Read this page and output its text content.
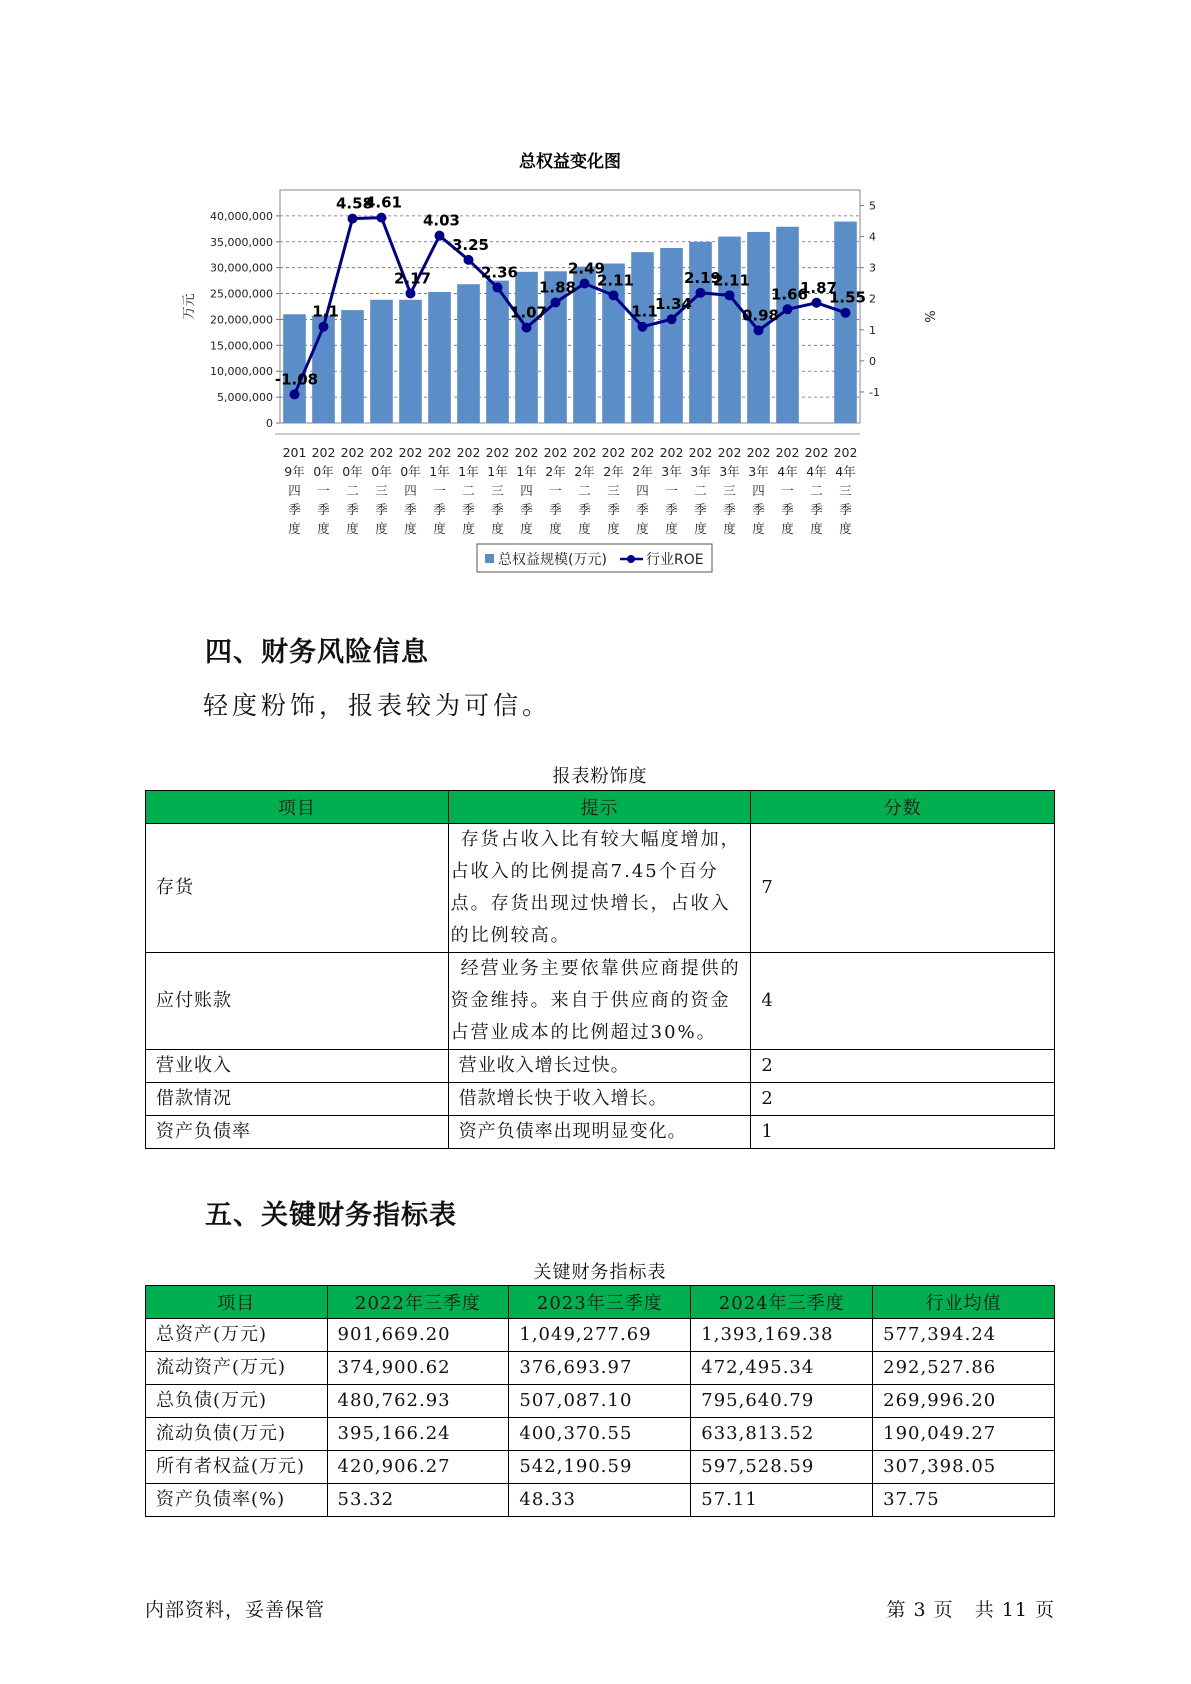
总权益变化图
0
5,000,000
10,000,000
15,000,000
20,000,000
25,000,000
30,000,000
35,000,000
40,000,000
-1
0
1
2
3
4
5
万元	%
201 9年四季度
202 0年一季度
202 0年二季度
202 0年三季度
202 0年四季度
202 1年一季度
202 1年二季度
202 1年三季度
202 1年四季度
202 2年一季度
202 2年二季度
202 2年三季度
202 2年四季度
202 3年一季度
202 3年二季度
202 3年三季度
202 3年四季度
202 4年一季度
202 4年二季度
202 4年三季度
-1.08
1.1
4.58
4.61
2.17
4.03
3.25
2.36
1.07
1.88
2.49
2.11
1.1
1.34
2.19
2.11
0.98
1.66
1.87
1.55
总权益规模(万元)	行业ROE
四、财务风险信息
轻度粉饰，报表较为可信。
报表粉饰度
项目	提示	分数
存货	存货占收入比有较大幅度增加，占收入的比例提高7.45个百分点。存货出现过快增长，占收入的比例较高。	7
应付账款	经营业务主要依靠供应商提供的资金维持。来自于供应商的资金占营业成本的比例超过30%。	4
营业收入	营业收入增长过快。	2
借款情况	借款增长快于收入增长。	2
资产负债率	资产负债率出现明显变化。	1
五、关键财务指标表
关键财务指标表
项目	2022年三季度	2023年三季度	2024年三季度	行业均值
总资产(万元)	901,669.20	1,049,277.69	1,393,169.38	577,394.24
流动资产(万元)	374,900.62	376,693.97	472,495.34	292,527.86
总负债(万元)	480,762.93	507,087.10	795,640.79	269,996.20
流动负债(万元)	395,166.24	400,370.55	633,813.52	190,049.27
所有者权益(万元)	420,906.27	542,190.59	597,528.59	307,398.05
资产负债率(%)	53.32	48.33	57.11	37.75
内部资料，妥善保管	第 3 页   共 11 页
